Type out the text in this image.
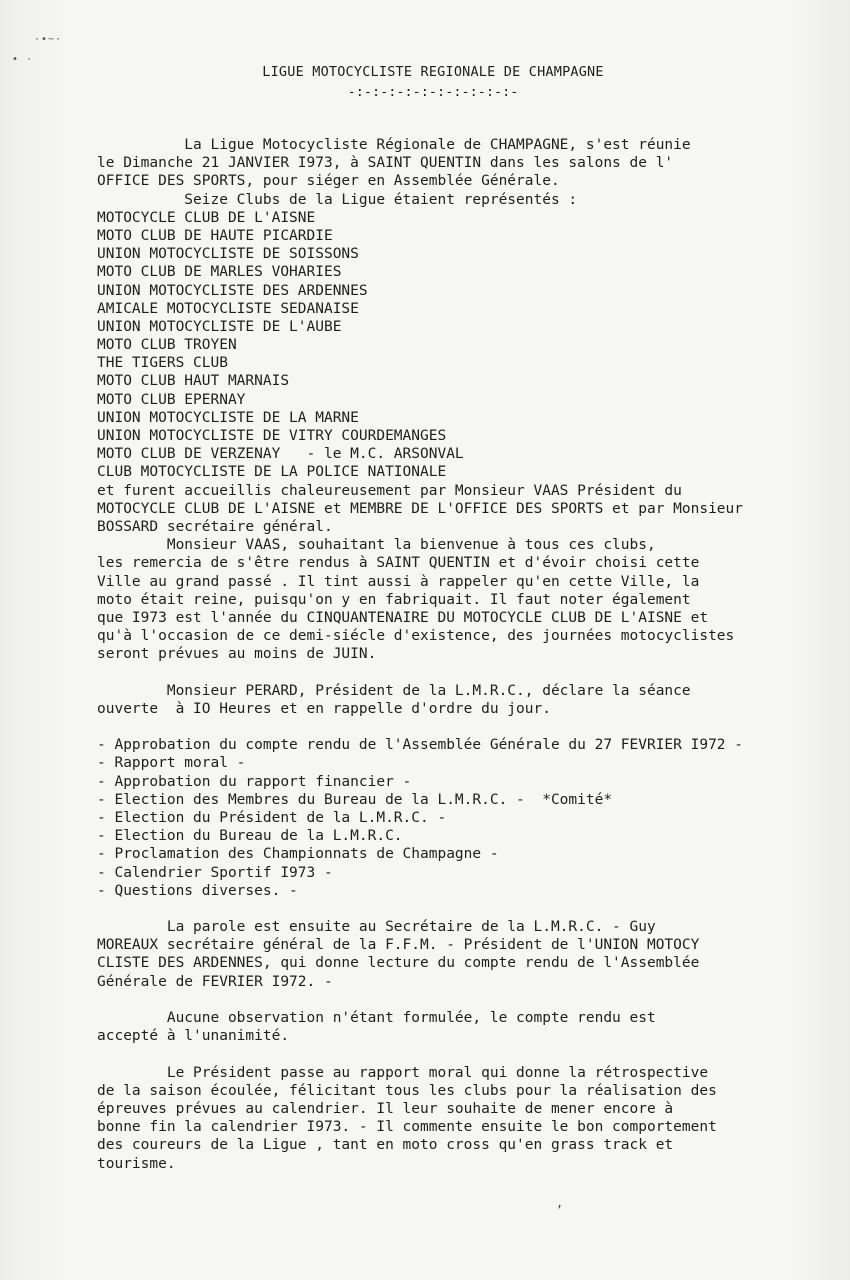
·•~·
• ·
LIGUE MOTOCYCLISTE REGIONALE DE CHAMPAGNE
-:-:-:-:-:-:-:-:-:-:-
La Ligue Motocycliste Régionale de CHAMPAGNE, s'est réunie
le Dimanche 21 JANVIER I973, à SAINT QUENTIN dans les salons de l'
OFFICE DES SPORTS, pour siéger en Assemblée Générale.
Seize Clubs de la Ligue étaient représentés :
MOTOCYCLE CLUB DE L'AISNE
MOTO CLUB DE HAUTE PICARDIE
UNION MOTOCYCLISTE DE SOISSONS
MOTO CLUB DE MARLES VOHARIES
UNION MOTOCYCLISTE DES ARDENNES
AMICALE MOTOCYCLISTE SEDANAISE
UNION MOTOCYCLISTE DE L'AUBE
MOTO CLUB TROYEN
THE TIGERS CLUB
MOTO CLUB HAUT MARNAIS
MOTO CLUB EPERNAY
UNION MOTOCYCLISTE DE LA MARNE
UNION MOTOCYCLISTE DE VITRY COURDEMANGES
MOTO CLUB DE VERZENAY   - le M.C. ARSONVAL
CLUB MOTOCYCLISTE DE LA POLICE NATIONALE
et furent accueillis chaleureusement par Monsieur VAAS Président du
MOTOCYCLE CLUB DE L'AISNE et MEMBRE DE L'OFFICE DES SPORTS et par Monsieur
BOSSARD secrétaire général.
Monsieur VAAS, souhaitant la bienvenue à tous ces clubs,
les remercia de s'être rendus à SAINT QUENTIN et d'évoir choisi cette
Ville au grand passé . Il tint aussi à rappeler qu'en cette Ville, la
moto était reine, puisqu'on y en fabriquait. Il faut noter également
que I973 est l'année du CINQUANTENAIRE DU MOTOCYCLE CLUB DE L'AISNE et
qu'à l'occasion de ce demi-siécle d'existence, des journées motocyclistes
seront prévues au moins de JUIN.
Monsieur PERARD, Président de la L.M.R.C., déclare la séance
ouverte  à IO Heures et en rappelle d'ordre du jour.
- Approbation du compte rendu de l'Assemblée Générale du 27 FEVRIER I972 -
- Rapport moral -
- Approbation du rapport financier -
- Election des Membres du Bureau de la L.M.R.C. -  *Comité*
- Election du Président de la L.M.R.C. -
- Election du Bureau de la L.M.R.C.
- Proclamation des Championnats de Champagne -
- Calendrier Sportif I973 -
- Questions diverses. -
La parole est ensuite au Secrétaire de la L.M.R.C. - Guy
MOREAUX secrétaire général de la F.F.M. - Président de l'UNION MOTOCY
CLISTE DES ARDENNES, qui donne lecture du compte rendu de l'Assemblée
Générale de FEVRIER I972. -
Aucune observation n'étant formulée, le compte rendu est
accepté à l'unanimité.
Le Président passe au rapport moral qui donne la rétrospective
de la saison écoulée, félicitant tous les clubs pour la réalisation des
épreuves prévues au calendrier. Il leur souhaite de mener encore à
bonne fin la calendrier I973. - Il commente ensuite le bon comportement
des coureurs de la Ligue , tant en moto cross qu'en grass track et
tourisme.
,
